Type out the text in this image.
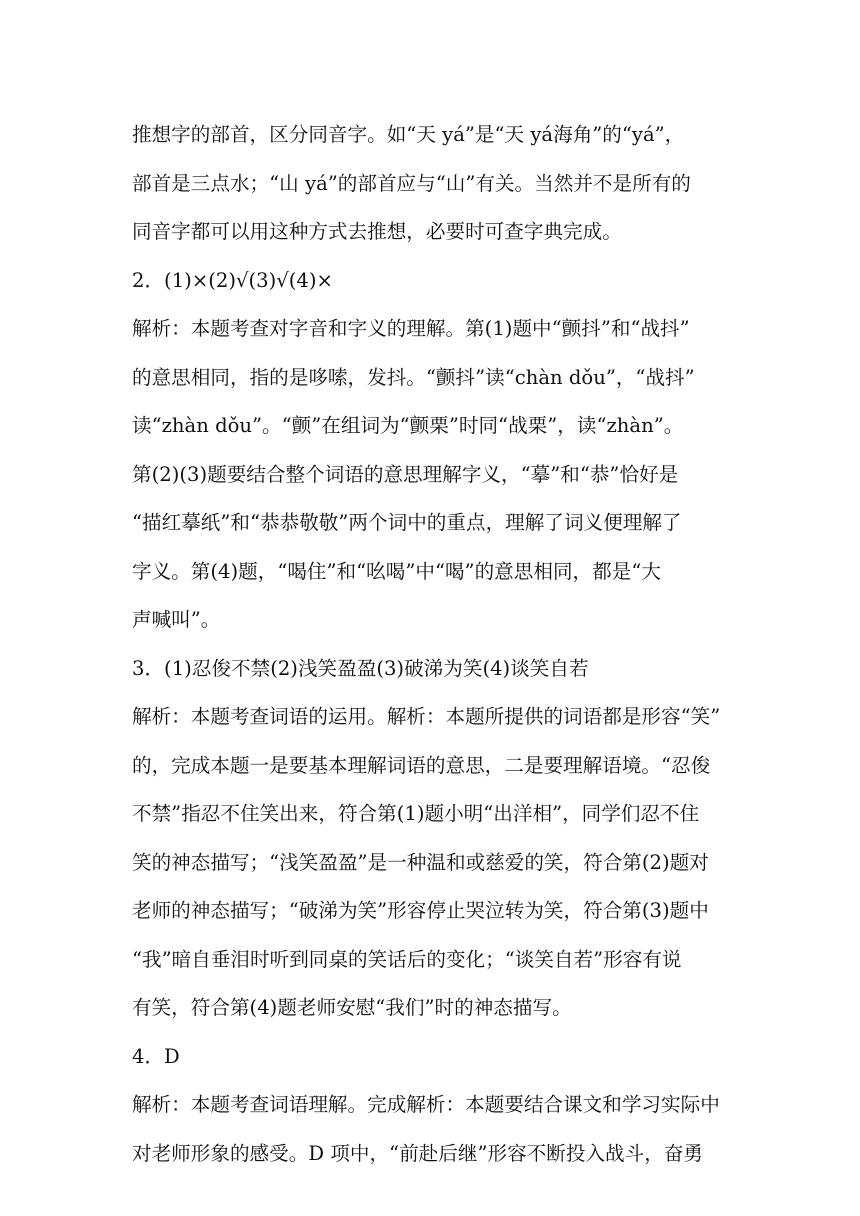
推想字的部首，区分同音字。如“天 yá”是“天 yá海角”的“yá”，
部首是三点水；“山 yá”的部首应与“山”有关。当然并不是所有的
同音字都可以用这种方式去推想，必要时可查字典完成。
2．(1)×(2)√(3)√(4)×
解析：本题考查对字音和字义的理解。第(1)题中“颤抖”和“战抖”
的意思相同，指的是哆嗦，发抖。“颤抖”读“chàn dǒu”，“战抖”
读“zhàn dǒu”。“颤”在组词为“颤栗”时同“战栗”，读“zhàn”。
第(2)(3)题要结合整个词语的意思理解字义，“摹”和“恭”恰好是
“描红摹纸”和“恭恭敬敬”两个词中的重点，理解了词义便理解了
字义。第(4)题，“喝住”和“吆喝”中“喝”的意思相同，都是“大
声喊叫”。
3．(1)忍俊不禁(2)浅笑盈盈(3)破涕为笑(4)谈笑自若
解析：本题考查词语的运用。解析：本题所提供的词语都是形容“笑”
的，完成本题一是要基本理解词语的意思，二是要理解语境。“忍俊
不禁”指忍不住笑出来，符合第(1)题小明“出洋相”，同学们忍不住
笑的神态描写；“浅笑盈盈”是一种温和或慈爱的笑，符合第(2)题对
老师的神态描写；“破涕为笑”形容停止哭泣转为笑，符合第(3)题中
“我”暗自垂泪时听到同桌的笑话后的变化；“谈笑自若”形容有说
有笑，符合第(4)题老师安慰“我们”时的神态描写。
4．D
解析：本题考查词语理解。完成解析：本题要结合课文和学习实际中
对老师形象的感受。D 项中，“前赴后继”形容不断投入战斗，奋勇
